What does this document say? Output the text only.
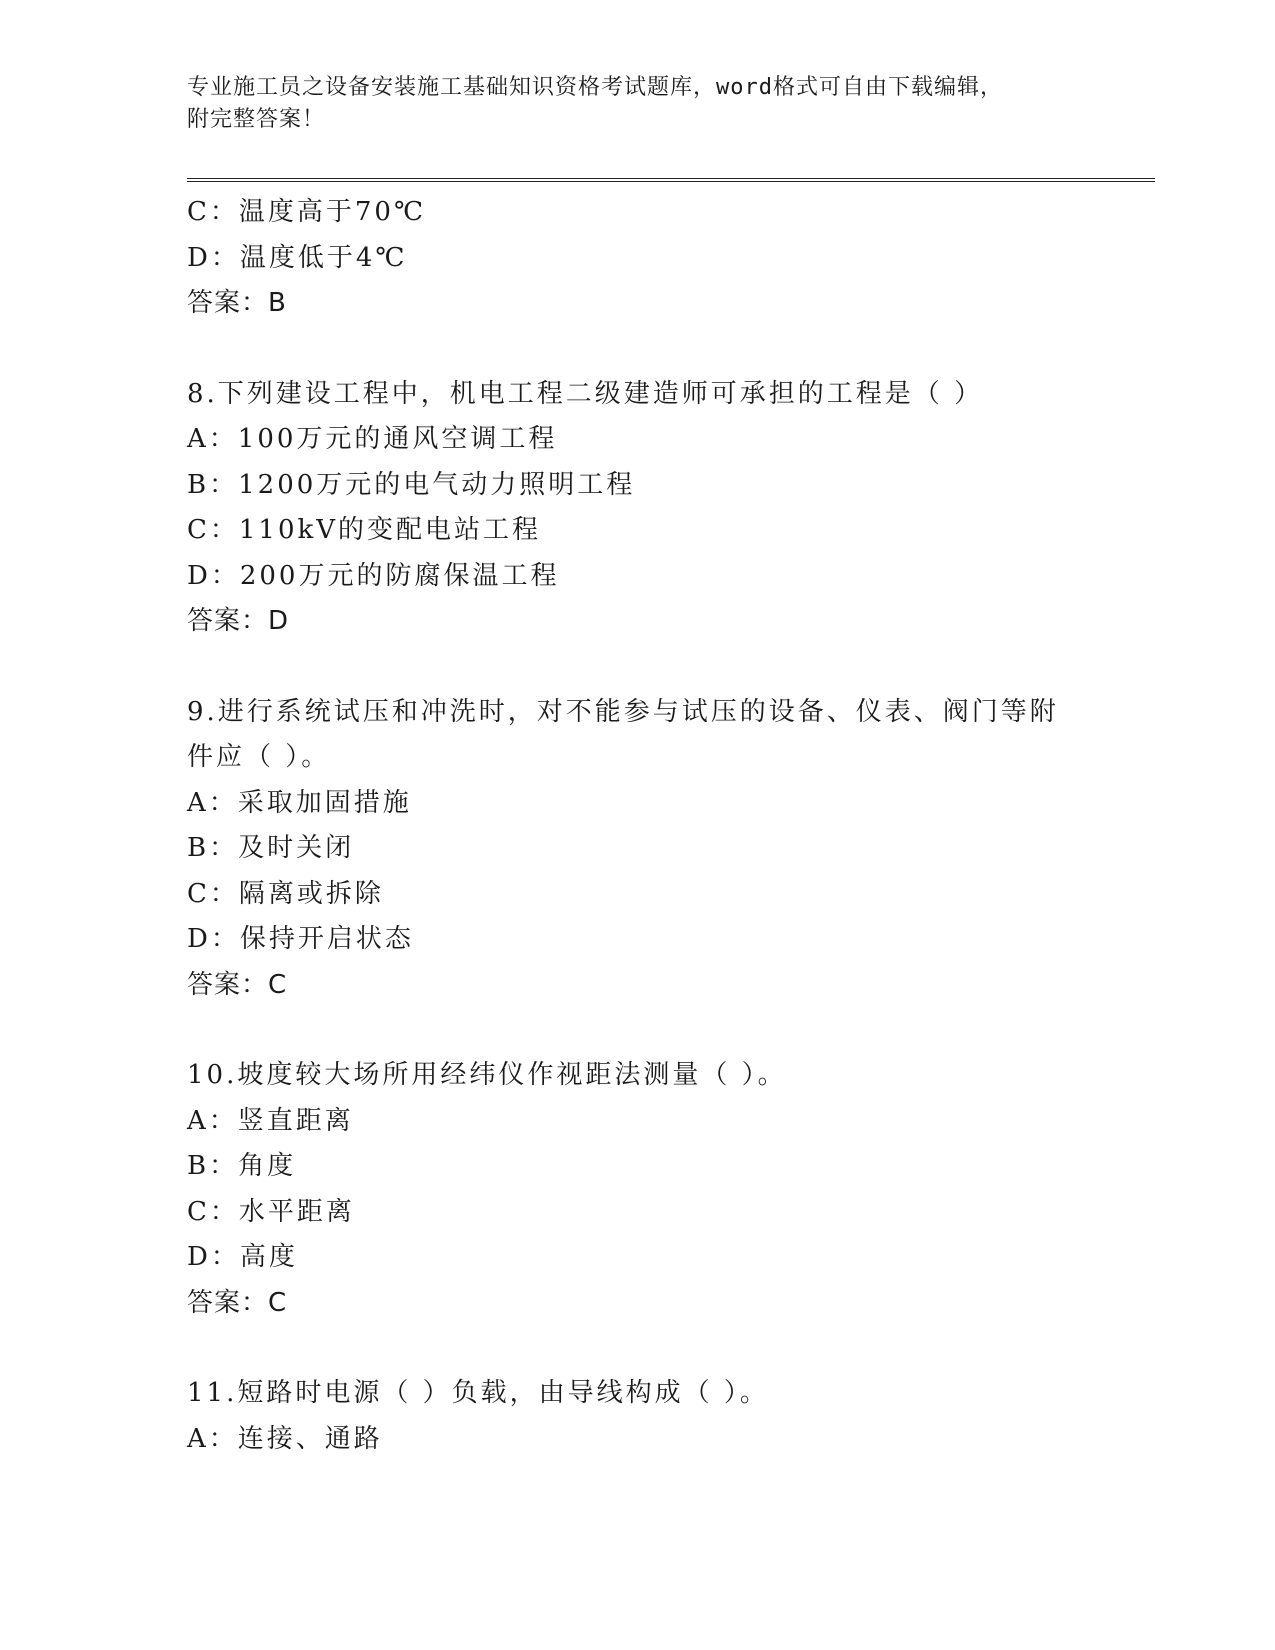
专业施工员之设备安装施工基础知识资格考试题库，word格式可自由下载编辑，
附完整答案！
C：温度高于70℃
D：温度低于4℃
答案：B
8.下列建设工程中，机电工程二级建造师可承担的工程是（ ）
A：100万元的通风空调工程
B：1200万元的电气动力照明工程
C：110kV的变配电站工程
D：200万元的防腐保温工程
答案：D
9.进行系统试压和冲洗时，对不能参与试压的设备、仪表、阀门等附
件应（ ）。
A：采取加固措施
B：及时关闭
C：隔离或拆除
D：保持开启状态
答案：C
10.坡度较大场所用经纬仪作视距法测量（ ）。
A：竖直距离
B：角度
C：水平距离
D：高度
答案：C
11.短路时电源（ ）负载，由导线构成（ ）。
A：连接、通路
